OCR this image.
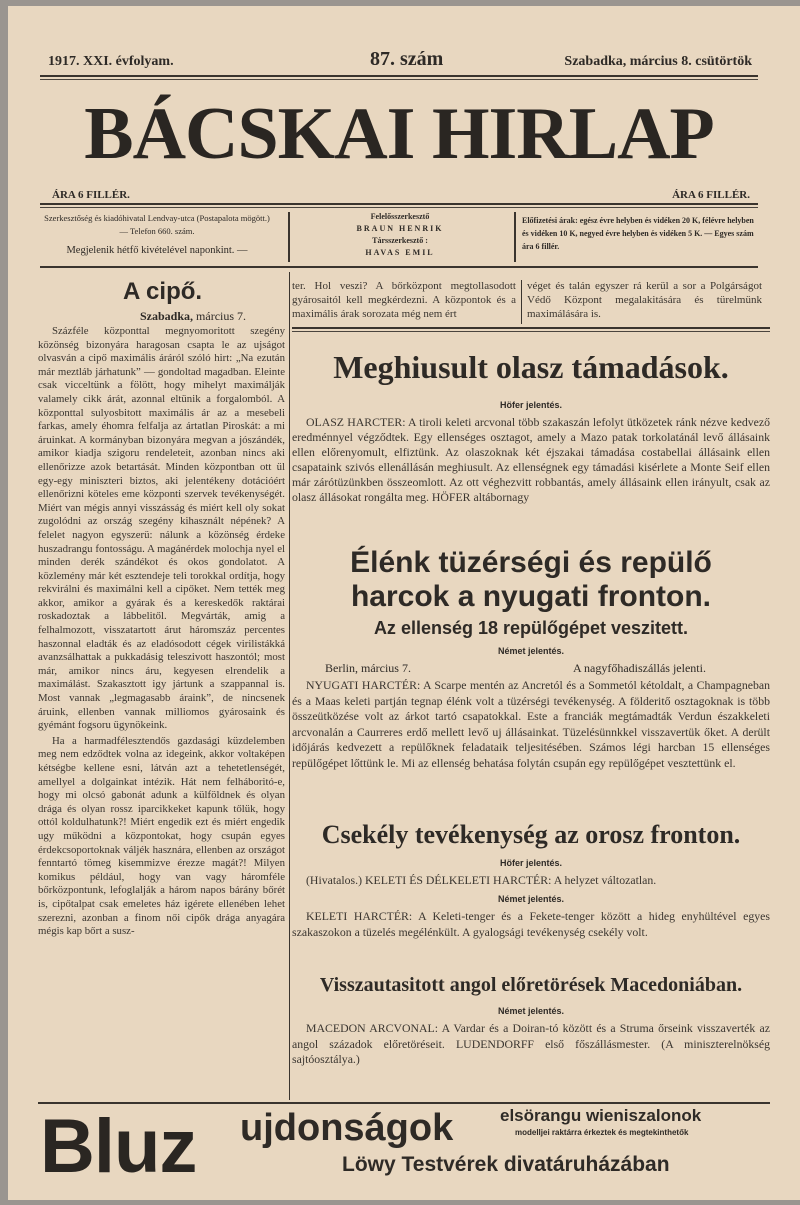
1917. XXI. évfolyam.	87. szám	Szabadka, március 8. csütörtök
BÁCSKAI HIRLAP
ÁRA 6 FILLÉR.	ÁRA 6 FILLÉR.
Szerkesztőség és kiadóhivatal Lendvay-utca (Postapalota mögött.) — Telefon 660. szám.
Megjelenik hétfő kivételével naponkint. —
Felelősszerkesztő
BRAUN HENRIK
Társszerkesztő :
HAVAS EMIL
Előfizetési árak: egész évre helyben és vidéken 20 K, félévre helyben és vidéken 10 K, negyed évre helyben és vidéken 5 K. — Egyes szám ára 6 fillér.
A cipő.
Szabadka, március 7.

Százféle központtal megnyomoritott szegény közönség bizonyára haragosan csapta le az ujságot olvasván a cipő maximális áráról szóló hirt: „Na ezután már meztláb járhatunk” — gondoltad magadban. Eleinte csak vicceltünk a fölött, hogy mihelyt maximálják valamely cikk árát, azonnal eltünik a forgalomból. A központtal sulyosbitott maximális ár az a mesebeli farkas, amely éhomra felfalja az ártatlan Piroskát: a mi áruinkat. A kormányban bizonyára megvan a jószándék, amikor kiadja szigoru rendeleteit, azonban nincs aki ellenőrizze azok betartását. Minden központban ott ül egy-egy miniszteri biztos, aki jelentékeny dotációért ellenőrizni köteles eme központi szervek tevékenységét. Miért van mégis annyi visszásság és miért kell oly sokat zugolódni az ország szegény kihasznált népének? A felelet nagyon egyszerü: nálunk a közönség érdeke huszadrangu fontosságu. A magánérdek molochja nyel el minden derék szándékot és okos gondolatot. A közlemény már két esztendeje teli torokkal ordítja, hogy rekvirálni és maximálni kell a cipőket. Nem tették meg akkor, amikor a gyárak és a kereskedők raktárai roskadoztak a lábbelitől. Megvárták, amig a felhalmozott, visszatartott árut háromszáz percentes haszonnal eladták és az eladósodott cégek virilistákká avanzsálhattak a pukkadásig teleszivott haszontól; most már, amikor nincs áru, kegyesen elrendelik a maximálást. Szakasztott igy jártunk a szappannal is. Most vannak „legmagasabb áraink”, de nincsenek áruink, ellenben vannak milliomos gyárosaink és gyémánt fogsoru ügynökeink.

Ha a harmadfélesztendős gazdasági küzdelemben meg nem edződtek volna az idegeink, akkor voltaképen kétségbe kellene esni, látván azt a tehetetlenségét, amellyel a dolgainkat intézik. Hát nem felháboritó-e, hogy mi olcsó gabonát adunk a külföldnek és olyan drága és olyan rossz iparcikkeket kapunk tőlük, hogy ottól koldulhatunk?! Miért engedik ezt és miért engedik ugy működni a központokat, hogy csupán egyes érdekcsoportoknak váljék hasznára, ellenben az országot fenntartó tömeg kisemmizve érezze magát?! Milyen komikus például, hogy van vagy háromféle bőrközpontunk, lefoglalják a három napos bárány bőrét is, cipőtalpat csak emeletes ház igérete ellenében lehet szerezni, azonban a finom női cipők drága anyagára mégis kap bőrt a susz-

ter. Hol veszi? A bőrközpont megtollasodott gyárosaitól kell megkérdezni. A központok és a maximális árak sorozata még nem ért
véget és talán egyszer rá kerül a sor a Polgárságot Védő Központ megalakitására és türelmünk maximálására is.
Meghiusult olasz támadások.
Höfer jelentés.

OLASZ HARCTER: A tiroli keleti arcvonal több szakaszán lefolyt ütközetek ránk nézve kedvező eredménnyel végződtek. Egy ellenséges osztagot, amely a Mazo patak torkolatánál levő állásaink ellen előrenyomult, elfiztünk. Az olaszoknak két éjszakai támadása costabellai állásaink ellen csapataink szivós ellenállásán meghiusult. Az ellenségnek egy támadási kisérlete a Monte Seif ellen már zárótüzünkben összeomlott. Az ott véghezvitt robbantás, amely állásaink ellen irányult, csak az olasz állásokat rongálta meg. HÖFER altábornagy

Élénk tüzérségi és repülő
harcok a nyugati fronton.
Az ellenség 18 repülőgépet veszitett.
Német jelentés.
Berlin, március 7.	A nagyfőhadiszállás jelenti.

NYUGATI HARCTÉR: A Scarpe mentén az Ancretól és a Sommetól kétoldalt, a Champagneban és a Maas keleti partján tegnap élénk volt a tüzérségi tevékenység. A földeritő osztagoknak is több összeütközése volt az árkot tartó csapatokkal. Este a franciák megtámadták Verdun északkeleti arcvonalán a Caurreres erdő mellett levő uj állásainkat. Tüzelésünnkkel visszavertük őket. A derült időjárás kedvezett a repülőknek feladataik teljesitésében. Számos légi harcban 15 ellenséges repülőgépet lőttünk le. Mi az ellenség behatása folytán csupán egy repülőgépet vesztettünk el.

Csekély tevékenység az orosz fronton.
Höfer jelentés.

(Hivatalos.) KELETI ÉS DÉLKELETI HARCTÉR: A helyzet változatlan.

Német jelentés.

KELETI HARCTÉR: A Keleti-tenger és a Fekete-tenger között a hideg enyhültével egyes szakaszokon a tüzelés megélénkült. A gyalogsági tevékenység csekély volt.

Visszautasitott angol előretörések Macedoniában.
Német jelentés.

MACEDON ARCVONAL: A Vardar és a Doiran-tó között és a Struma őrseink visszaverték az angol századok előretöréseit. LUDENDORFF első főszállásmester. (A miniszterelnökség sajtóosztálya.)

Bluz ujdonságok	elsörangu wieniszalonok
modelljei raktárra érkeztek és megtekinthetők
Löwy Testvérek divatáruházában
